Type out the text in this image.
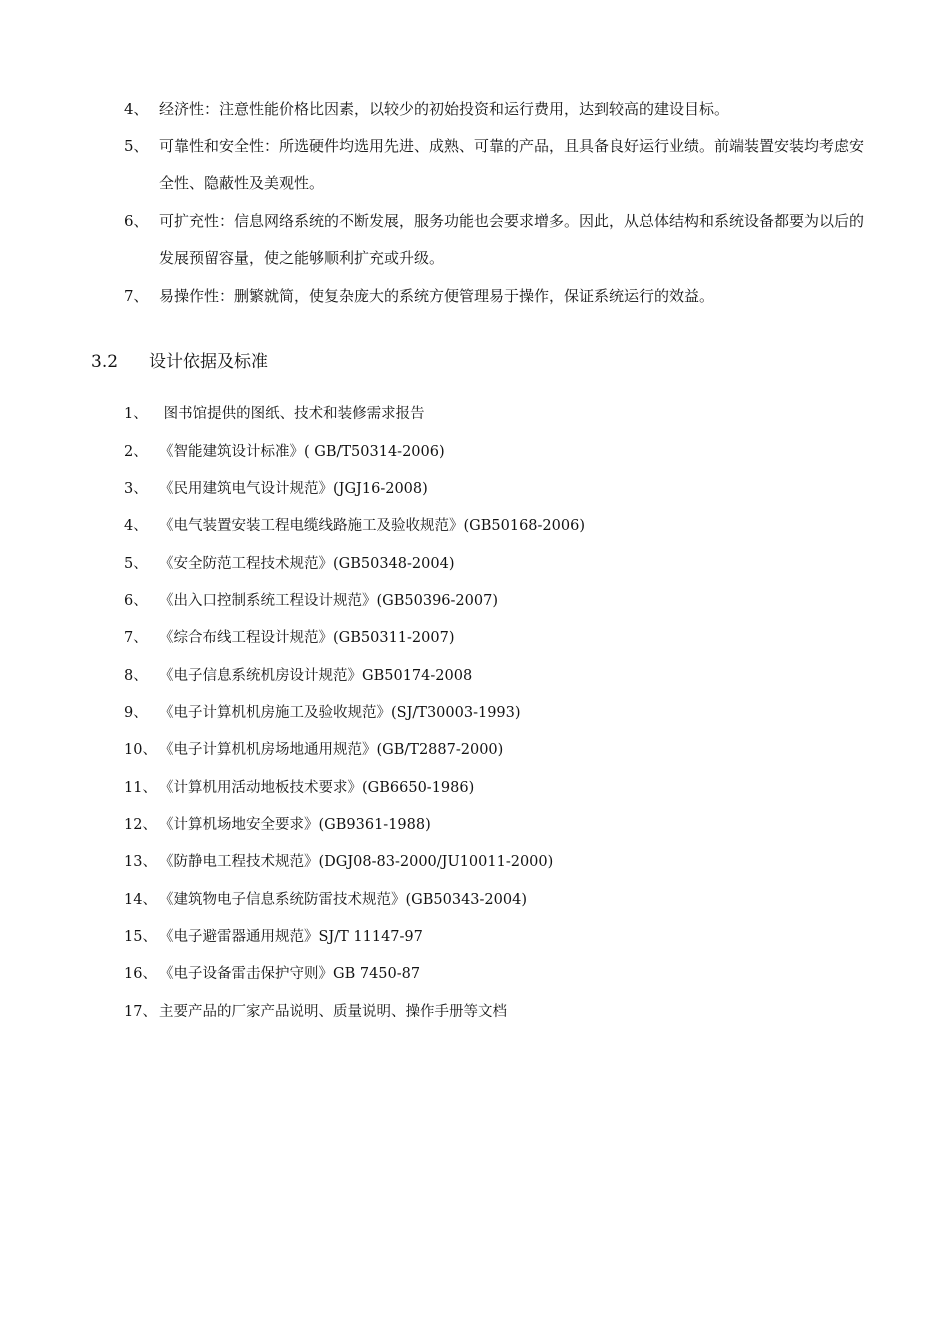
4、 经济性：注意性能价格比因素，以较少的初始投资和运行费用，达到较高的建设目标。
5、 可靠性和安全性：所选硬件均选用先进、成熟、可靠的产品，且具备良好运行业绩。前端装置安装均考虑安全性、隐蔽性及美观性。
6、 可扩充性：信息网络系统的不断发展，服务功能也会要求增多。因此，从总体结构和系统设备都要为以后的发展预留容量，使之能够顺利扩充或升级。
7、 易操作性：删繁就简，使复杂庞大的系统方便管理易于操作，保证系统运行的效益。
3.2 设计依据及标准
1、 图书馆提供的图纸、技术和装修需求报告
2、 《智能建筑设计标准》( GB/T50314-2006)
3、 《民用建筑电气设计规范》(JGJ16-2008)
4、 《电气装置安装工程电缆线路施工及验收规范》(GB50168-2006)
5、 《安全防范工程技术规范》(GB50348-2004)
6、 《出入口控制系统工程设计规范》(GB50396-2007)
7、 《综合布线工程设计规范》(GB50311-2007)
8、 《电子信息系统机房设计规范》GB50174-2008
9、 《电子计算机机房施工及验收规范》(SJ/T30003-1993)
10、 《电子计算机机房场地通用规范》(GB/T2887-2000)
11、 《计算机用活动地板技术要求》(GB6650-1986)
12、 《计算机场地安全要求》(GB9361-1988)
13、 《防静电工程技术规范》(DGJ08-83-2000/JU10011-2000)
14、 《建筑物电子信息系统防雷技术规范》(GB50343-2004)
15、 《电子避雷器通用规范》SJ/T 11147-97
16、 《电子设备雷击保护守则》GB 7450-87
17、 主要产品的厂家产品说明、质量说明、操作手册等文档
